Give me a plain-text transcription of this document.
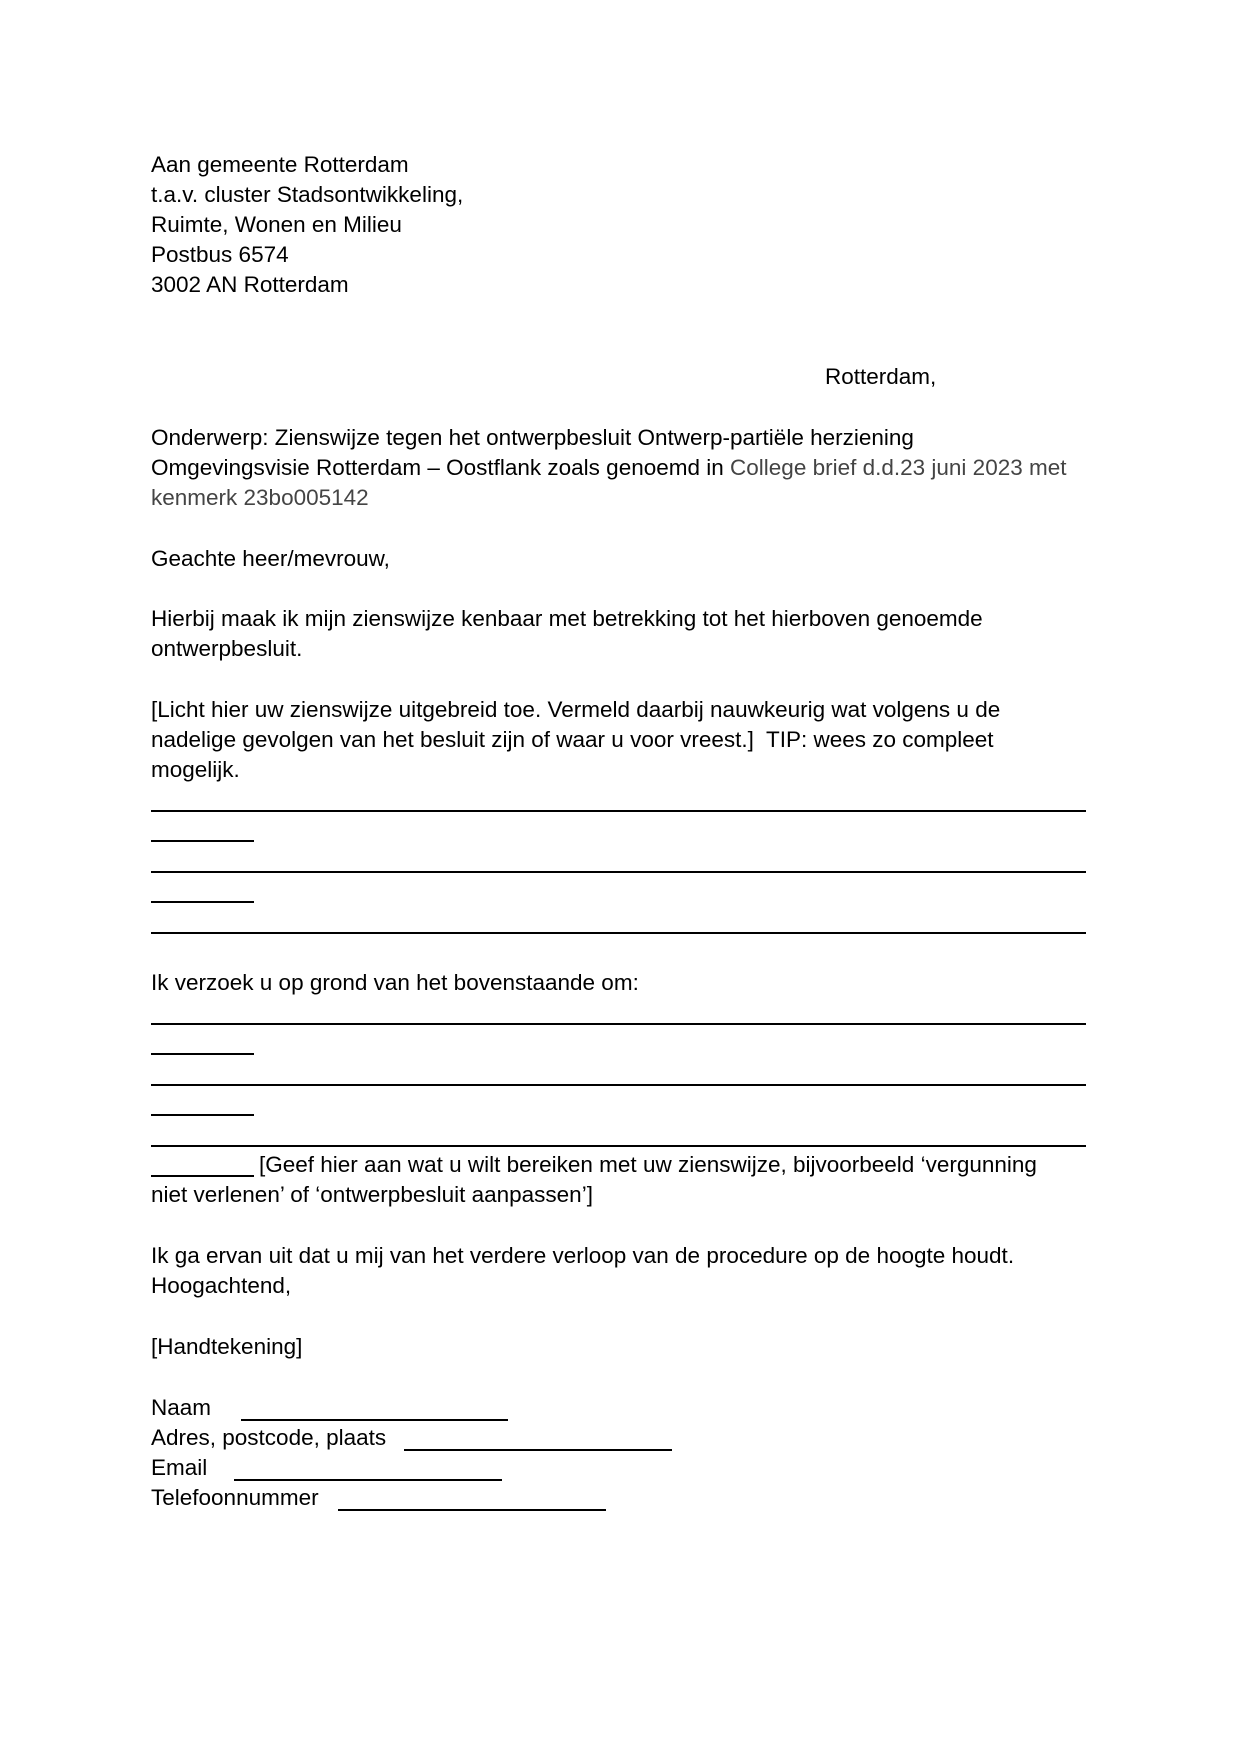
Aan gemeente Rotterdam
t.a.v. cluster Stadsontwikkeling,
Ruimte, Wonen en Milieu
Postbus 6574
3002 AN Rotterdam
Rotterdam,
Onderwerp: Zienswijze tegen het ontwerpbesluit Ontwerp-partiële herziening
Omgevingsvisie Rotterdam – Oostflank zoals genoemd in College brief d.d.23 juni 2023 met
kenmerk 23bo005142
Geachte heer/mevrouw,
Hierbij maak ik mijn zienswijze kenbaar met betrekking tot het hierboven genoemde
ontwerpbesluit.
[Licht hier uw zienswijze uitgebreid toe. Vermeld daarbij nauwkeurig wat volgens u de
nadelige gevolgen van het besluit zijn of waar u voor vreest.]  TIP: wees zo compleet
mogelijk.
Ik verzoek u op grond van het bovenstaande om:
[Geef hier aan wat u wilt bereiken met uw zienswijze, bijvoorbeeld ‘vergunning
niet verlenen’ of ‘ontwerpbesluit aanpassen’]
Ik ga ervan uit dat u mij van het verdere verloop van de procedure op de hoogte houdt.
Hoogachtend,
[Handtekening]
Naam
Adres, postcode, plaats
Email
Telefoonnummer
